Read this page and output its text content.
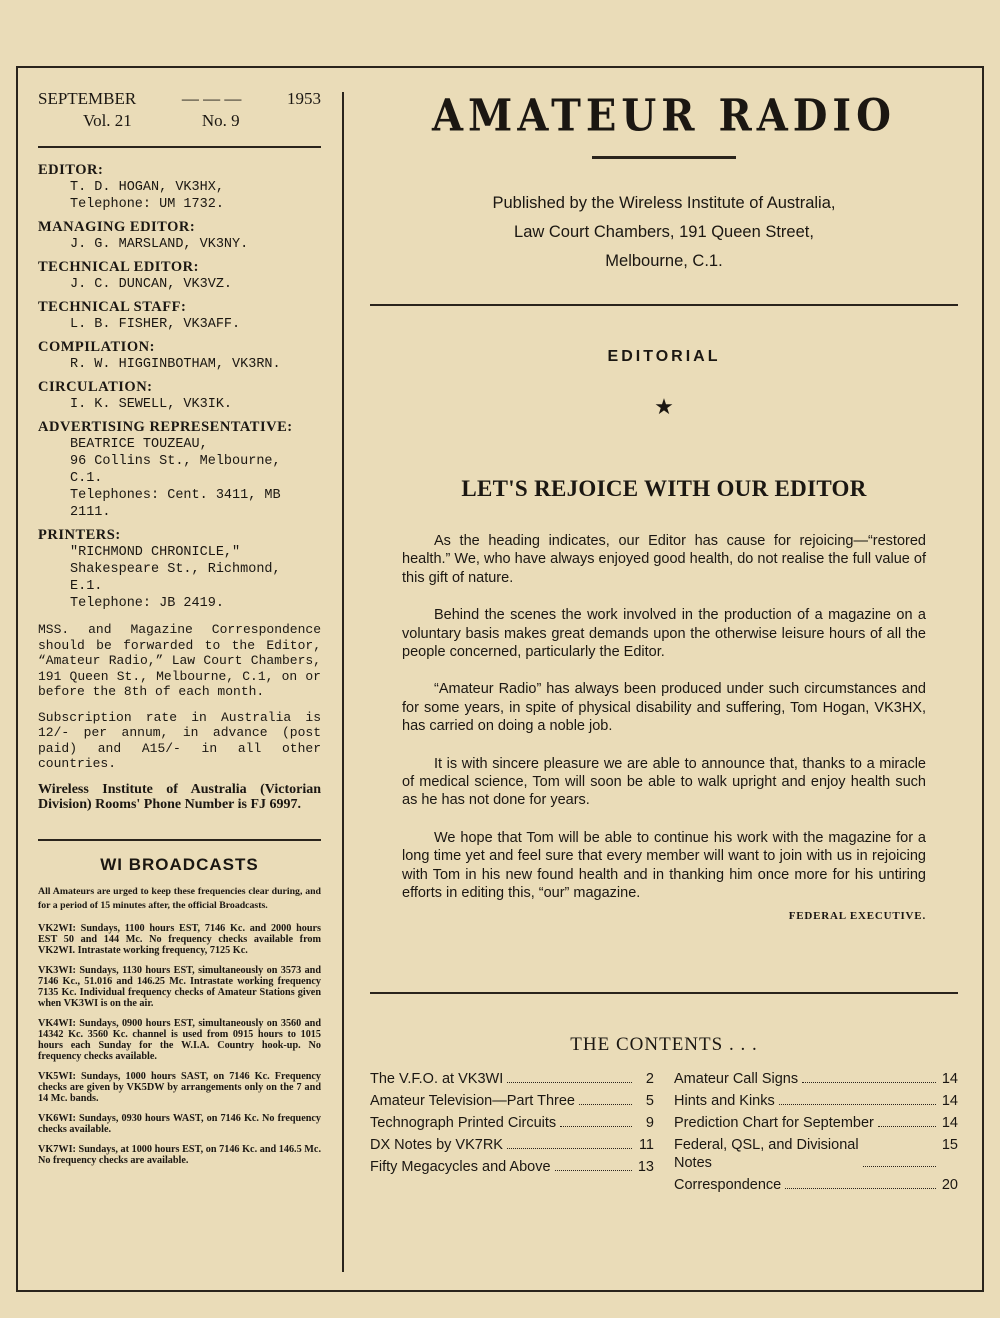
SEPTEMBER	— — —	1953
Vol. 21	No. 9
EDITOR:
T. D. HOGAN, VK3HX,
Telephone: UM 1732.
MANAGING EDITOR:
J. G. MARSLAND, VK3NY.
TECHNICAL EDITOR:
J. C. DUNCAN, VK3VZ.
TECHNICAL STAFF:
L. B. FISHER, VK3AFF.
COMPILATION:
R. W. HIGGINBOTHAM, VK3RN.
CIRCULATION:
I. K. SEWELL, VK3IK.
ADVERTISING REPRESENTATIVE:
BEATRICE TOUZEAU,
96 Collins St., Melbourne, C.1.
Telephones: Cent. 3411, MB 2111.
PRINTERS:
"RICHMOND CHRONICLE,"
Shakespeare St., Richmond, E.1.
Telephone: JB 2419.
MSS. and Magazine Correspondence should be forwarded to the Editor, “Amateur Radio,” Law Court Chambers, 191 Queen St., Melbourne, C.1, on or before the 8th of each month.
Subscription rate in Australia is 12/- per annum, in advance (post paid) and A15/- in all other countries.
Wireless Institute of Australia (Victorian Division) Rooms' Phone Number is FJ 6997.
WI BROADCASTS
All Amateurs are urged to keep these frequencies clear during, and for a period of 15 minutes after, the official Broadcasts.
VK2WI: Sundays, 1100 hours EST, 7146 Kc. and 2000 hours EST 50 and 144 Mc. No frequency checks available from VK2WI. Intrastate working frequency, 7125 Kc.
VK3WI: Sundays, 1130 hours EST, simultaneously on 3573 and 7146 Kc., 51.016 and 146.25 Mc. Intrastate working frequency 7135 Kc. Individual frequency checks of Amateur Stations given when VK3WI is on the air.
VK4WI: Sundays, 0900 hours EST, simultaneously on 3560 and 14342 Kc. 3560 Kc. channel is used from 0915 hours to 1015 hours each Sunday for the W.I.A. Country hook-up. No frequency checks available.
VK5WI: Sundays, 1000 hours SAST, on 7146 Kc. Frequency checks are given by VK5DW by arrangements only on the 7 and 14 Mc. bands.
VK6WI: Sundays, 0930 hours WAST, on 7146 Kc. No frequency checks available.
VK7WI: Sundays, at 1000 hours EST, on 7146 Kc. and 146.5 Mc. No frequency checks are available.
AMATEUR RADIO
Published by the Wireless Institute of Australia,
Law Court Chambers, 191 Queen Street,
Melbourne, C.1.
EDITORIAL
★
LET'S REJOICE WITH OUR EDITOR

As the heading indicates, our Editor has cause for rejoicing—“restored health.” We, who have always enjoyed good health, do not realise the full value of this gift of nature.

Behind the scenes the work involved in the production of a magazine on a voluntary basis makes great demands upon the otherwise leisure hours of all the people concerned, particularly the Editor.

“Amateur Radio” has always been produced under such circumstances and for some years, in spite of physical disability and suffering, Tom Hogan, VK3HX, has carried on doing a noble job.

It is with sincere pleasure we are able to announce that, thanks to a miracle of medical science, Tom will soon be able to walk upright and enjoy health such as he has not done for years.

We hope that Tom will be able to continue his work with the magazine for a long time yet and feel sure that every member will want to join with us in rejoicing with Tom in his new found health and in thanking him once more for his untiring efforts in editing this, “our” magazine.

FEDERAL EXECUTIVE.
THE CONTENTS . . .
The V.F.O. at VK3WI	2
Amateur Television—Part Three	5
Technograph Printed Circuits	9
DX Notes by VK7RK	11
Fifty Megacycles and Above	13
Amateur Call Signs	14
Hints and Kinks	14
Prediction Chart for September	14
Federal, QSL, and Divisional
Notes
15
Correspondence	20
